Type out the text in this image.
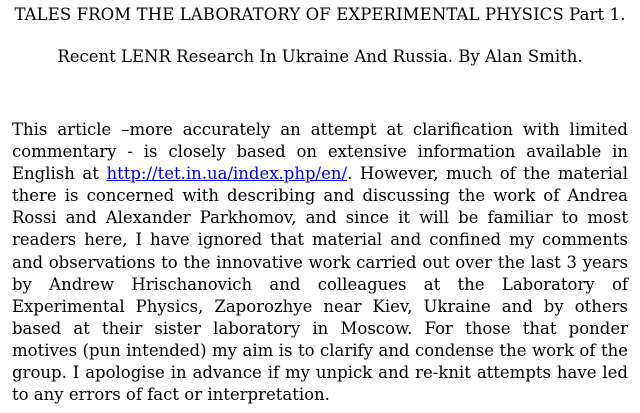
TALES FROM THE LABORATORY OF EXPERIMENTAL PHYSICS Part 1.
Recent LENR Research In Ukraine And Russia. By Alan Smith.

This article –more accurately an attempt at clarification with limited commentary - is closely based on extensive information available in English at http://tet.in.ua/index.php/en/. However, much of the material there is concerned with describing and discussing the work of Andrea Rossi and Alexander Parkhomov, and since it will be familiar to most readers here, I have ignored that material and confined my comments and observations to the innovative work carried out over the last 3 years by Andrew Hrischanovich and colleagues at the Laboratory of Experimental Physics, Zaporozhye near Kiev, Ukraine and by others based at their sister laboratory in Moscow. For those that ponder motives (pun intended) my aim is to clarify and condense the work of the group. I apologise in advance if my unpick and re-knit attempts have led to any errors of fact or interpretation.
